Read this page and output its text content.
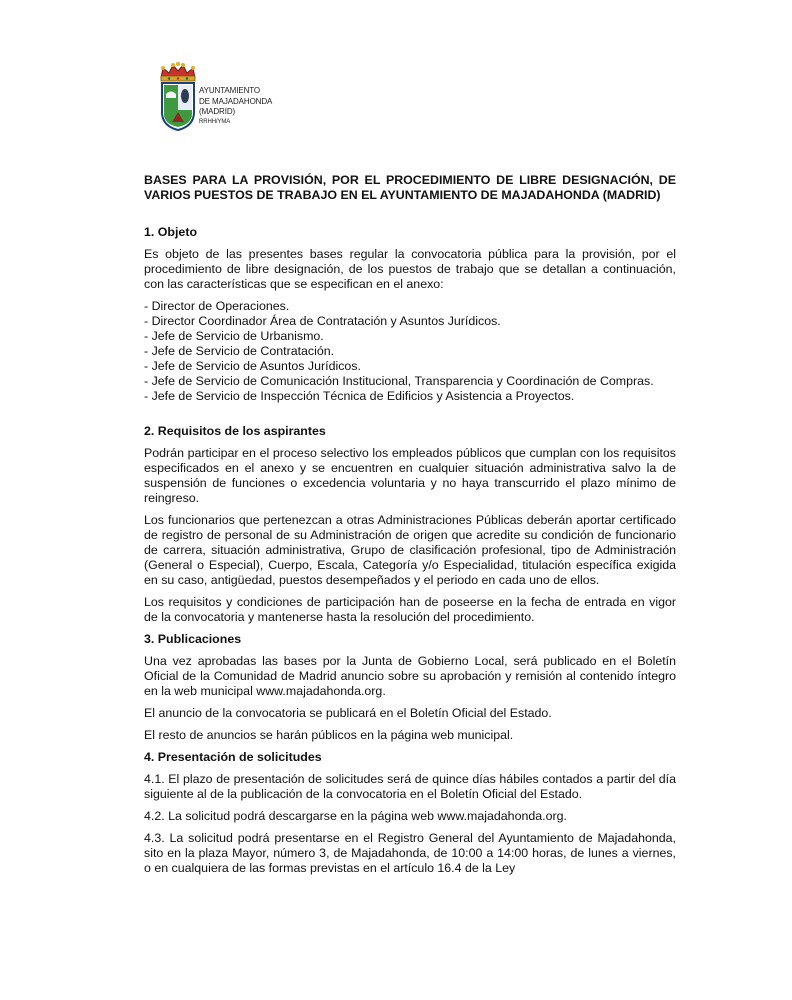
AYUNTAMIENTO
DE MAJADAHONDA
(MADRID)
RRHH/YMA
BASES PARA LA PROVISIÓN, POR EL PROCEDIMIENTO DE LIBRE DESIGNACIÓN, DE VARIOS PUESTOS DE TRABAJO EN EL AYUNTAMIENTO DE MAJADAHONDA (MADRID)
1. Objeto

Es objeto de las presentes bases regular la convocatoria pública para la provisión, por el procedimiento de libre designación, de los puestos de trabajo que se detallan a continuación, con las características que se especifican en el anexo:

- Director de Operaciones.
- Director Coordinador Área de Contratación y Asuntos Jurídicos.
- Jefe de Servicio de Urbanismo.
- Jefe de Servicio de Contratación.
- Jefe de Servicio de Asuntos Jurídicos.
- Jefe de Servicio de Comunicación Institucional, Transparencia y Coordinación de Compras.
- Jefe de Servicio de Inspección Técnica de Edificios y Asistencia a Proyectos.
2. Requisitos de los aspirantes

Podrán participar en el proceso selectivo los empleados públicos que cumplan con los requisitos especificados en el anexo y se encuentren en cualquier situación administrativa salvo la de suspensión de funciones o excedencia voluntaria y no haya transcurrido el plazo mínimo de reingreso.

Los funcionarios que pertenezcan a otras Administraciones Públicas deberán aportar certificado de registro de personal de su Administración de origen que acredite su condición de funcionario de carrera, situación administrativa, Grupo de clasificación profesional, tipo de Administración (General o Especial), Cuerpo, Escala, Categoría y/o Especialidad, titulación específica exigida en su caso, antigüedad, puestos desempeñados y el periodo en cada uno de ellos.

Los requisitos y condiciones de participación han de poseerse en la fecha de entrada en vigor de la convocatoria y mantenerse hasta la resolución del procedimiento.

3. Publicaciones

Una vez aprobadas las bases por la Junta de Gobierno Local, será publicado en el Boletín Oficial de la Comunidad de Madrid anuncio sobre su aprobación y remisión al contenido íntegro en la web municipal www.majadahonda.org.

El anuncio de la convocatoria se publicará en el Boletín Oficial del Estado.

El resto de anuncios se harán públicos en la página web municipal.

4. Presentación de solicitudes

4.1. El plazo de presentación de solicitudes será de quince días hábiles contados a partir del día siguiente al de la publicación de la convocatoria en el Boletín Oficial del Estado.

4.2. La solicitud podrá descargarse en la página web www.majadahonda.org.

4.3. La solicitud podrá presentarse en el Registro General del Ayuntamiento de Majadahonda, sito en la plaza Mayor, número 3, de Majadahonda, de 10:00 a 14:00 horas, de lunes a viernes, o en cualquiera de las formas previstas en el artículo 16.4 de la Ley
